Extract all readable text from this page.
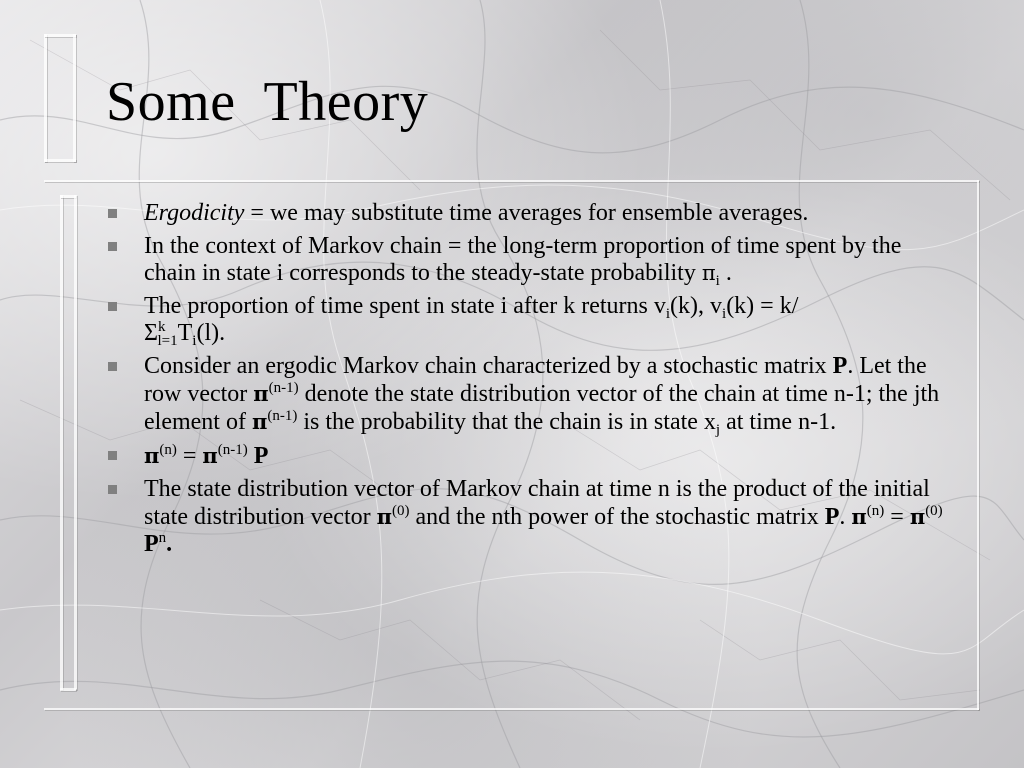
Some  Theory
Ergodicity = we may substitute time averages for ensemble averages.
In the context of Markov chain = the long-term proportion of time spent by the chain in state i corresponds to the steady-state probability $\pi_i$ .
The proportion of time spent in state i after k returns $v_i(k)$, $v_i(k) = k/$
$\Sigma^k_{l=1}T_i(l)$.
Consider an ergodic Markov chain characterized by a stochastic matrix P. Let the row vector $\pi^{(n-1)}$ denote the state distribution vector of the chain at time n-1; the jth element of $\pi^{(n-1)}$ is the probability that the chain is in state $x_j$ at time n-1.
$\pi^{(n)} = \pi^{(n-1)}$ P
The state distribution vector of Markov chain at time n is the product of the initial state distribution vector $\pi^{(0)}$ and the nth power of the stochastic matrix P. $\pi^{(n)} = \pi^{(0)}$ $P^n$.
